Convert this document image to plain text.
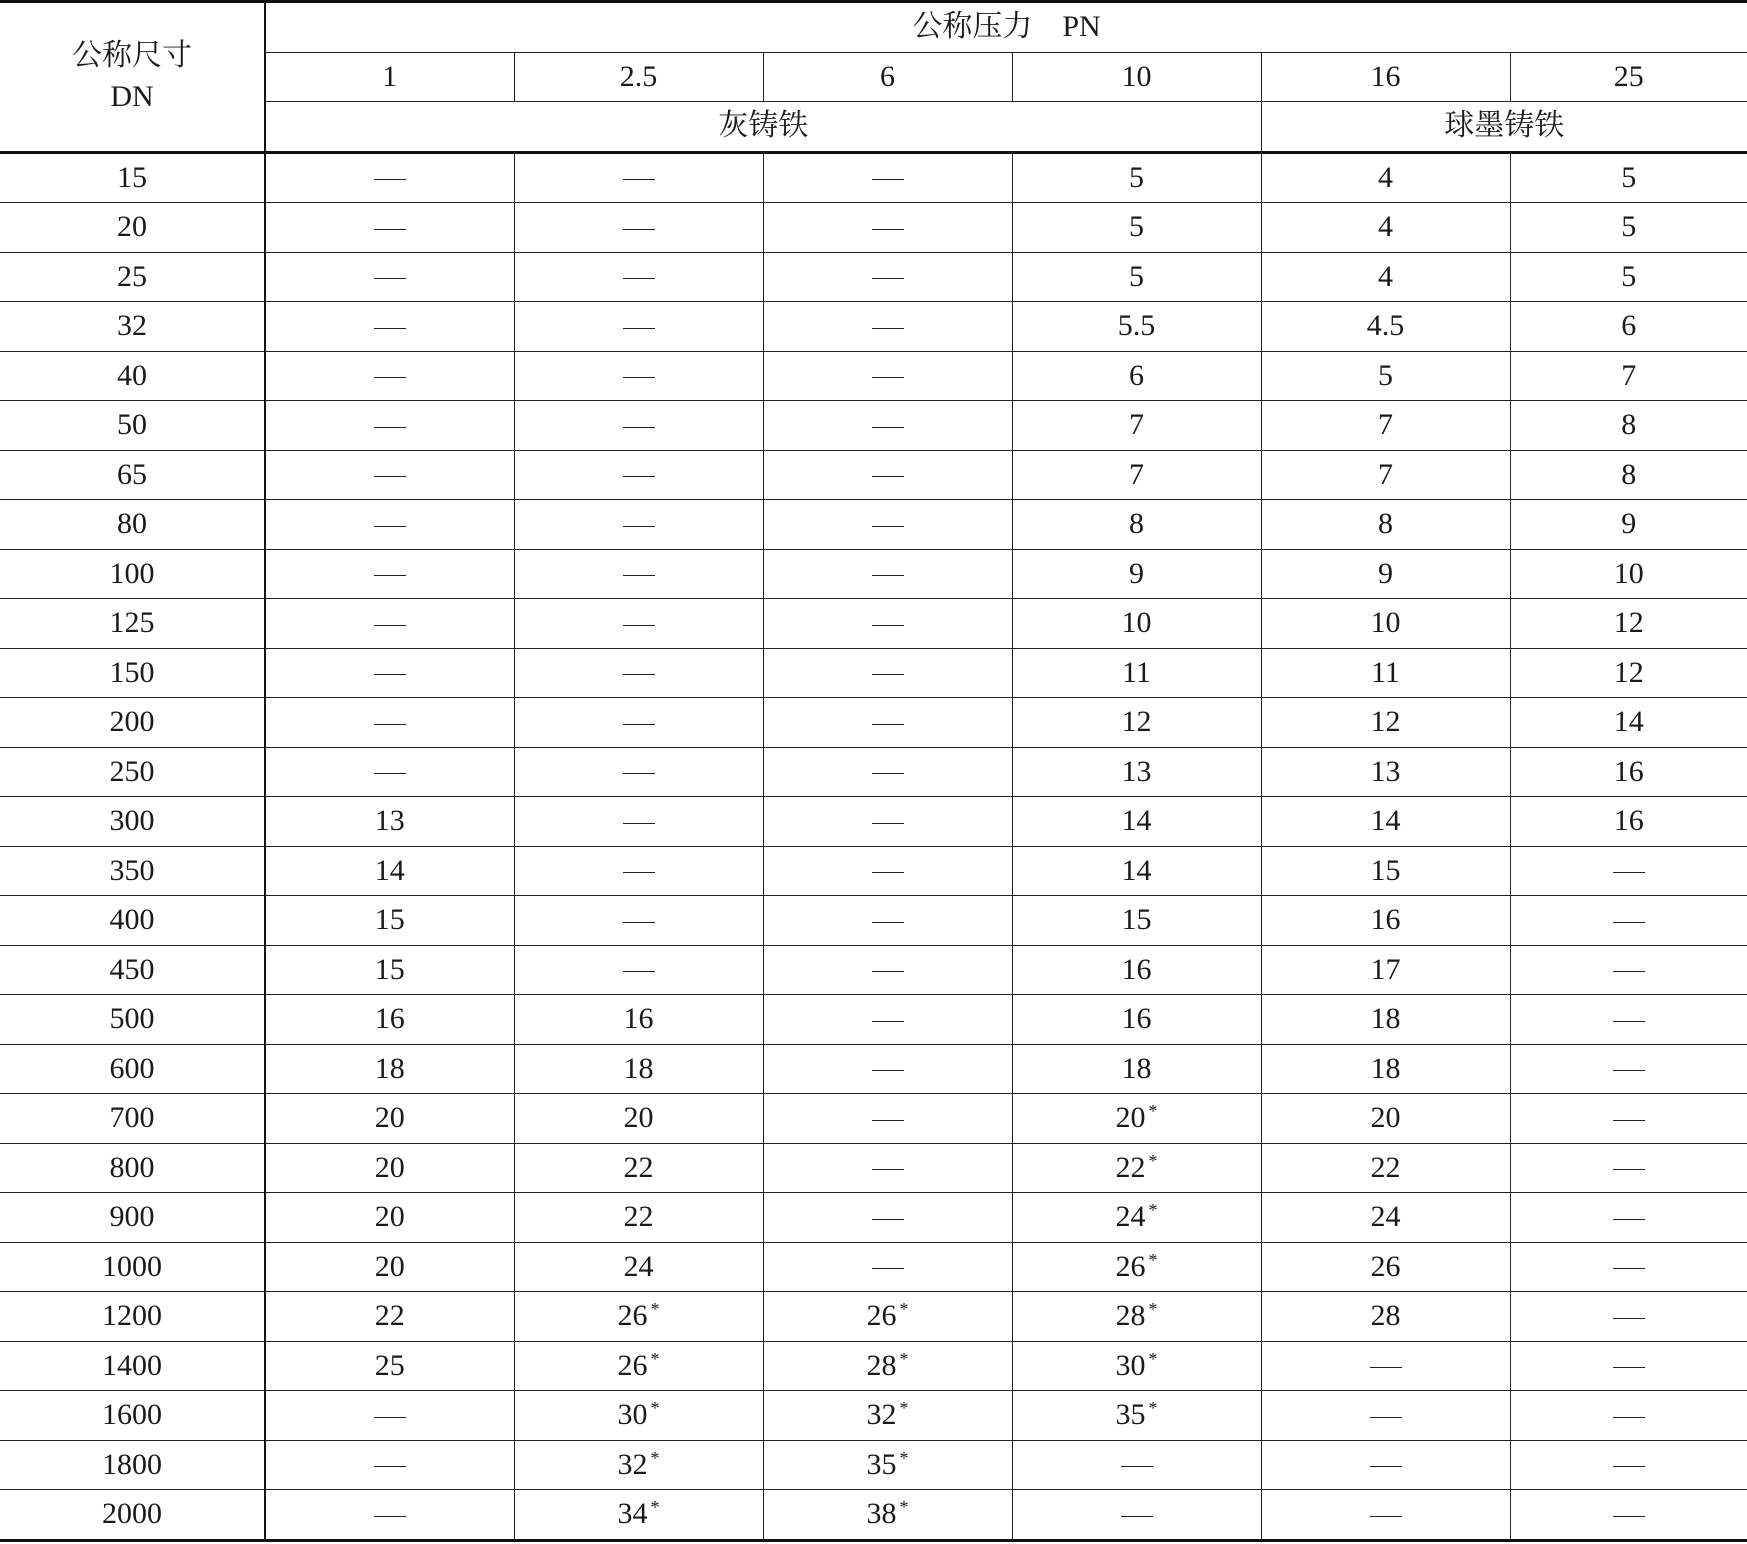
公称尺寸
DN	公称压力　PN					
	1	2.5	6	10	16	25
	灰铸铁				球墨铸铁	
15				5	4	5
20				5	4	5
25				5	4	5
32				5.5	4.5	6
40				6	5	7
50				7	7	8
65				7	7	8
80				8	8	9
100				9	9	10
125				10	10	12
150				11	11	12
200				12	12	14
250				13	13	16
300	13			14	14	16
350	14			14	15	
400	15			15	16	
450	15			16	17	
500	16	16		16	18	
600	18	18		18	18	
700	20	20		20 *	20	
800	20	22		22 *	22	
900	20	22		24 *	24	
1000	20	24		26 *	26	
1200	22	26 *	26 *	28 *	28	
1400	25	26 *	28 *	30 *		
1600		30 *	32 *	35 *		
1800		32 *	35 *			
2000		34 *	38 *			
